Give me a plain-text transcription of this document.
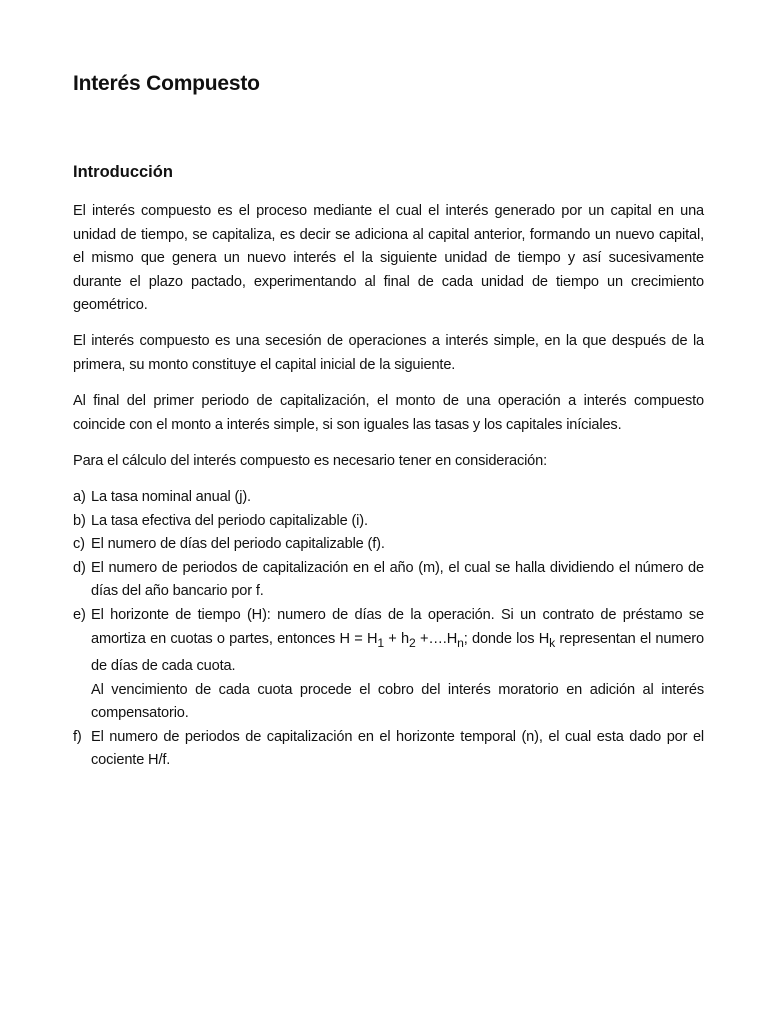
Interés Compuesto
Introducción

El interés compuesto es el proceso mediante el cual el interés generado por un capital en una unidad de tiempo, se capitaliza, es decir se adiciona al capital anterior, formando un nuevo capital, el mismo que genera un nuevo interés el la siguiente unidad de tiempo y así sucesivamente durante el plazo pactado, experimentando al final de cada unidad de tiempo un crecimiento geométrico.

El interés compuesto es una secesión de operaciones a interés simple, en la que después de la primera, su monto constituye el capital inicial de la siguiente.

Al final del primer periodo de capitalización, el monto de una operación a interés compuesto coincide con el monto a interés simple, si son iguales las tasas y los capitales iníciales.

Para el cálculo del interés compuesto es necesario tener en consideración:

a) La tasa nominal anual (j).
b) La tasa efectiva del periodo capitalizable (i).
c) El numero de días del periodo capitalizable (f).
d) El numero de periodos de capitalización en el año (m), el cual se halla dividiendo el número de días del año bancario por f.
e) El horizonte de tiempo (H): numero de días de la operación. Si un contrato de préstamo se amortiza en cuotas o partes, entonces $H = H_1 + h_2$ $+\dots.H_n$; donde los $H_k$ representan el numero de días de cada cuota.
Al vencimiento de cada cuota procede el cobro del interés moratorio en adición al interés compensatorio.
f) El numero de periodos de capitalización en el horizonte temporal (n), el cual esta dado por el cociente H/f.
